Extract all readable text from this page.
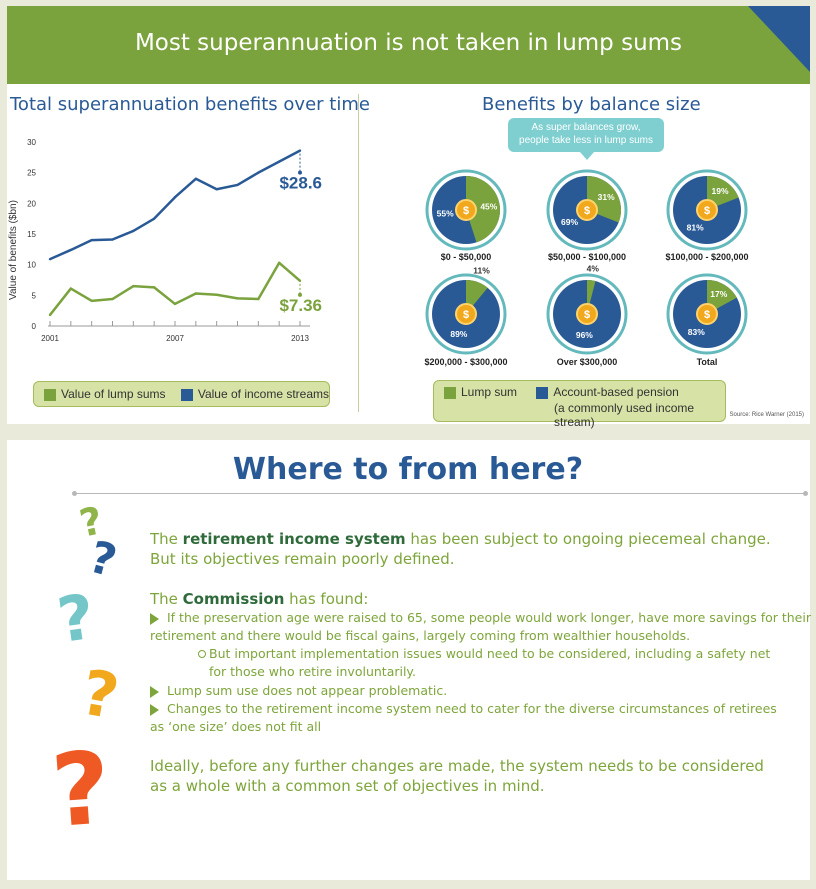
Most superannuation is not taken in lump sums
Total superannuation benefits over time
Value of benefits ($bn)
0
5
10
15
20
25
30
2001	2007	2013
$28.6
$7.36
Value of lump sums	Value of income streams
Benefits by balance size
As super balances grow,
people take less in lump sums
$ 45%
55%	$
31%
69%
$
19%
81%
$
11%
89%
$
4%
96%
$
17%
83%
$0 - $50,000	$50,000 - $100,000	$100,000 - $200,000
$200,000 - $300,000	Over $300,000	Total
Lump sum	Account-based pension
(a commonly used income stream)	Source: Rice Warner (2015)
Where to from here?
?
?
?
?
?
The retirement income system has been subject to ongoing piecemeal change.
But its objectives remain poorly defined.
The Commission has found:
If the preservation age were raised to 65, some people would work longer, have more savings for their
retirement and there would be fiscal gains, largely coming from wealthier households.
But important implementation issues would need to be considered, including a safety net
for those who retire involuntarily.
Lump sum use does not appear problematic.
Changes to the retirement income system need to cater for the diverse circumstances of retirees
as ‘one size’ does not fit all
Ideally, before any further changes are made, the system needs to be considered
as a whole with a common set of objectives in mind.
